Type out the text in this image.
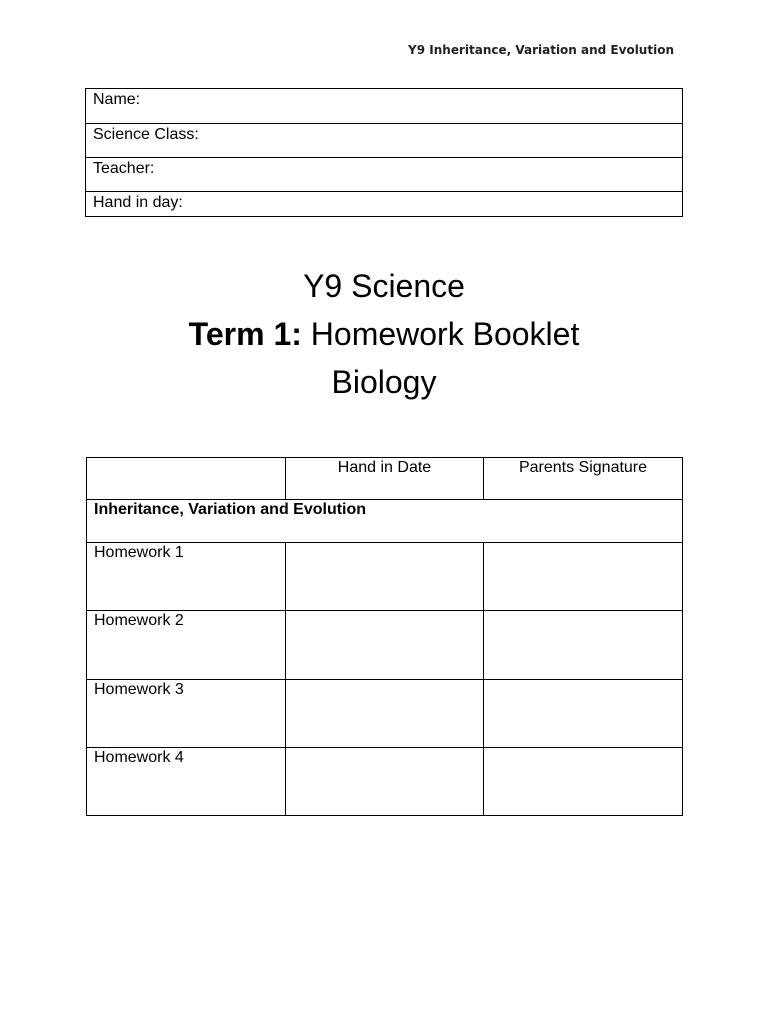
Y9 Inheritance, Variation and Evolution
Name:
Science Class:
Teacher:
Hand in day:
Y9 Science
Term 1: Homework Booklet
Biology
	Hand in Date	Parents Signature
Inheritance, Variation and Evolution		
Homework 1		
Homework 2		
Homework 3		
Homework 4		
